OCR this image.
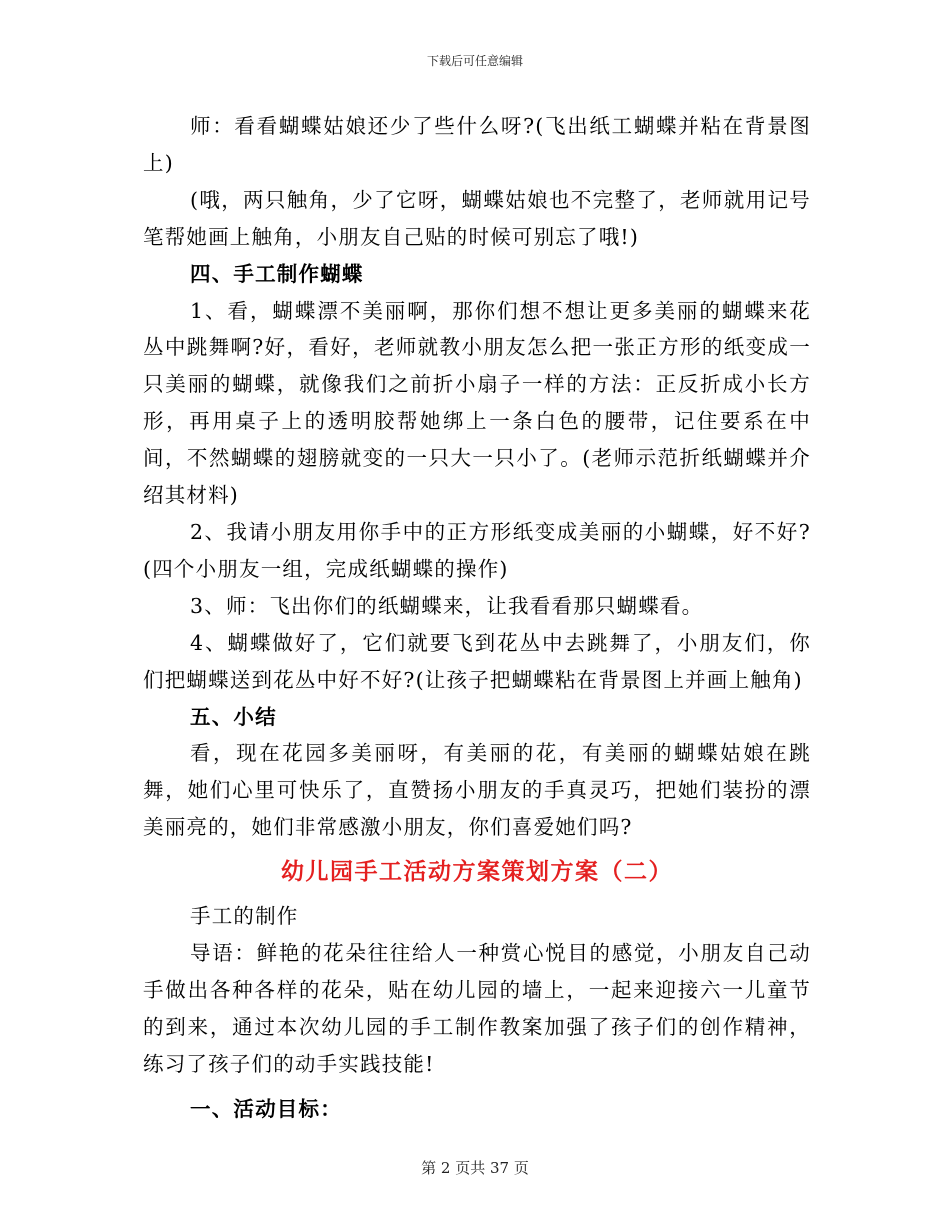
下载后可任意编辑

师：看看蝴蝶姑娘还少了些什么呀?(飞出纸工蝴蝶并粘在背景图上)

(哦，两只触角，少了它呀，蝴蝶姑娘也不完整了，老师就用记号笔帮她画上触角，小朋友自己贴的时候可别忘了哦!)

四、手工制作蝴蝶

1、看，蝴蝶漂不美丽啊，那你们想不想让更多美丽的蝴蝶来花丛中跳舞啊?好，看好，老师就教小朋友怎么把一张正方形的纸变成一只美丽的蝴蝶，就像我们之前折小扇子一样的方法：正反折成小长方形，再用桌子上的透明胶帮她绑上一条白色的腰带，记住要系在中间，不然蝴蝶的翅膀就变的一只大一只小了。(老师示范折纸蝴蝶并介绍其材料)

2、我请小朋友用你手中的正方形纸变成美丽的小蝴蝶，好不好?(四个小朋友一组，完成纸蝴蝶的操作)

3、师：飞出你们的纸蝴蝶来，让我看看那只蝴蝶看。

4、蝴蝶做好了，它们就要飞到花丛中去跳舞了，小朋友们，你们把蝴蝶送到花丛中好不好?(让孩子把蝴蝶粘在背景图上并画上触角)

五、小结

看，现在花园多美丽呀，有美丽的花，有美丽的蝴蝶姑娘在跳舞，她们心里可快乐了，直赞扬小朋友的手真灵巧，把她们装扮的漂美丽亮的，她们非常感激小朋友，你们喜爱她们吗?

幼儿园手工活动方案策划方案（二）

手工的制作

导语：鲜艳的花朵往往给人一种赏心悦目的感觉，小朋友自己动手做出各种各样的花朵，贴在幼儿园的墙上，一起来迎接六一儿童节的到来，通过本次幼儿园的手工制作教案加强了孩子们的创作精神，练习了孩子们的动手实践技能!

一、活动目标：

第 2 页共 37 页
